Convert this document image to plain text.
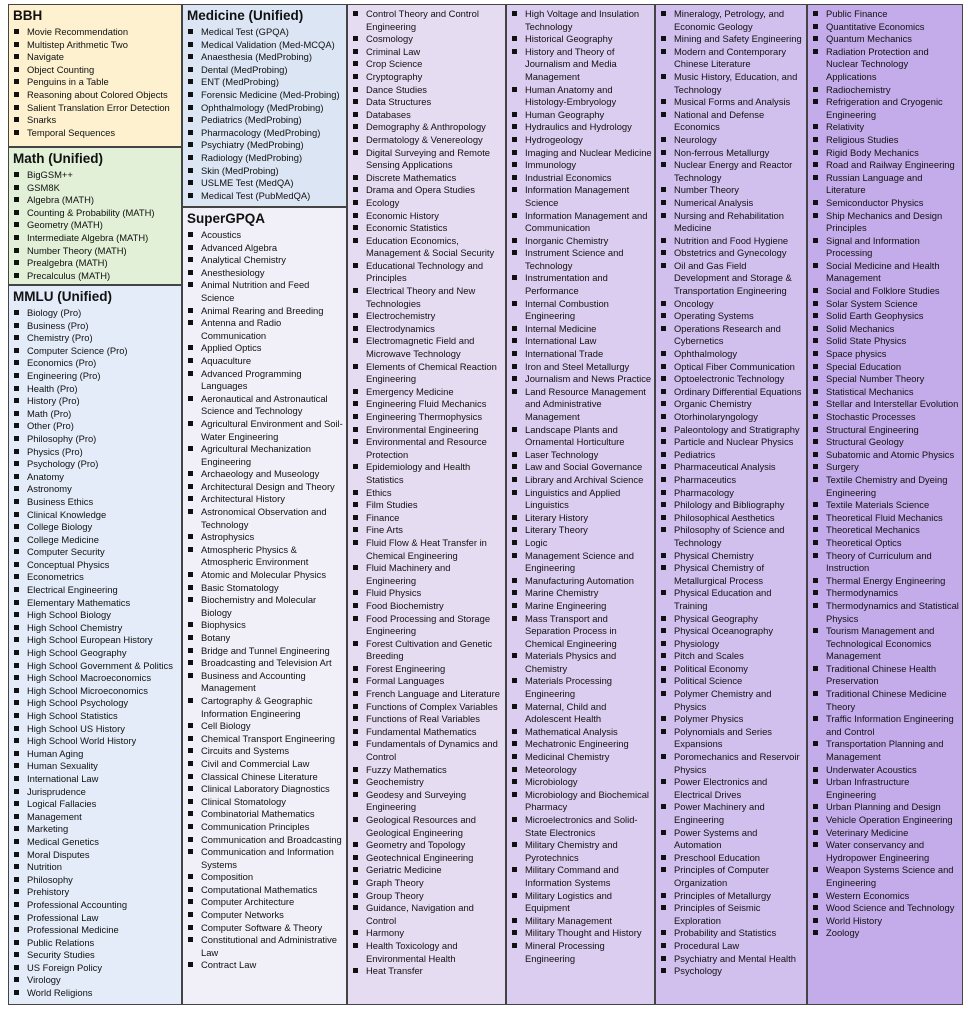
BBH
Movie Recommendation
Multistep Arithmetic Two
Navigate
Object Counting
Penguins in a Table
Reasoning about Colored Objects
Salient Translation Error Detection
Snarks
Temporal Sequences
Math (Unified)
BigGSM++
GSM8K
Algebra (MATH)
Counting & Probability (MATH)
Geometry (MATH)
Intermediate Algebra (MATH)
Number Theory (MATH)
Prealgebra (MATH)
Precalculus (MATH)
MMLU (Unified)
Biology (Pro)
Business (Pro)
Chemistry (Pro)
Computer Science (Pro)
Economics (Pro)
Engineering (Pro)
Health (Pro)
History (Pro)
Math (Pro)
Other (Pro)
Philosophy (Pro)
Physics (Pro)
Psychology (Pro)
Anatomy
Astronomy
Business Ethics
Clinical Knowledge
College Biology
College Medicine
Computer Security
Conceptual Physics
Econometrics
Electrical Engineering
Elementary Mathematics
High School Biology
High School Chemistry
High School European History
High School Geography
High School Government & Politics
High School Macroeconomics
High School Microeconomics
High School Psychology
High School Statistics
High School US History
High School World History
Human Aging
Human Sexuality
International Law
Jurisprudence
Logical Fallacies
Management
Marketing
Medical Genetics
Moral Disputes
Nutrition
Philosophy
Prehistory
Professional Accounting
Professional Law
Professional Medicine
Public Relations
Security Studies
US Foreign Policy
Virology
World Religions
Medicine (Unified)
Medical Test (GPQA)
Medical Validation (Med-MCQA)
Anaesthesia (MedProbing)
Dental (MedProbing)
ENT (MedProbing)
Forensic Medicine (Med-Probing)
Ophthalmology (MedProbing)
Pediatrics (MedProbing)
Pharmacology (MedProbing)
Psychiatry (MedProbing)
Radiology (MedProbing)
Skin (MedProbing)
USLME Test (MedQA)
Medical Test (PubMedQA)
SuperGPQA
Acoustics
Advanced Algebra
Analytical Chemistry
Anesthesiology
Animal Nutrition and Feed Science
Animal Rearing and Breeding
Antenna and Radio Communication
Applied Optics
Aquaculture
Advanced Programming Languages
Aeronautical and Astronautical Science and Technology
Agricultural Environment and Soil-Water Engineering
Agricultural Mechanization Engineering
Archaeology and Museology
Architectural Design and Theory
Architectural History
Astronomical Observation and Technology
Astrophysics
Atmospheric Physics & Atmospheric Environment
Atomic and Molecular Physics
Basic Stomatology
Biochemistry and Molecular Biology
Biophysics
Botany
Bridge and Tunnel Engineering
Broadcasting and Television Art
Business and Accounting Management
Cartography & Geographic Information Engineering
Cell Biology
Chemical Transport Engineering
Circuits and Systems
Civil and Commercial Law
Classical Chinese Literature
Clinical Laboratory Diagnostics
Clinical Stomatology
Combinatorial Mathematics
Communication Principles
Communication and Broadcasting
Communication and Information Systems
Composition
Computational Mathematics
Computer Architecture
Computer Networks
Computer Software & Theory
Constitutional and Administrative Law
Contract Law
Control Theory and Control Engineering
Cosmology
Criminal Law
Crop Science
Cryptography
Dance Studies
Data Structures
Databases
Demography & Anthropology
Dermatology & Venereology
Digital Surveying and Remote Sensing Applications
Discrete Mathematics
Drama and Opera Studies
Ecology
Economic History
Economic Statistics
Education Economics, Management & Social Security
Educational Technology and Principles
Electrical Theory and New Technologies
Electrochemistry
Electrodynamics
Electromagnetic Field and Microwave Technology
Elements of Chemical Reaction Engineering
Emergency Medicine
Engineering Fluid Mechanics
Engineering Thermophysics
Environmental Engineering
Environmental and Resource Protection
Epidemiology and Health Statistics
Ethics
Film Studies
Finance
Fine Arts
Fluid Flow & Heat Transfer in Chemical Engineering
Fluid Machinery and Engineering
Fluid Physics
Food Biochemistry
Food Processing and Storage Engineering
Forest Cultivation and Genetic Breeding
Forest Engineering
Formal Languages
French Language and Literature
Functions of Complex Variables
Functions of Real Variables
Fundamental Mathematics
Fundamentals of Dynamics and Control
Fuzzy Mathematics
Geochemistry
Geodesy and Surveying Engineering
Geological Resources and Geological Engineering
Geometry and Topology
Geotechnical Engineering
Geriatric Medicine
Graph Theory
Group Theory
Guidance, Navigation and Control
Harmony
Health Toxicology and Environmental Health
Heat Transfer
High Voltage and Insulation Technology
Historical Geography
History and Theory of Journalism and Media Management
Human Anatomy and Histology-Embryology
Human Geography
Hydraulics and Hydrology
Hydrogeology
Imaging and Nuclear Medicine
Immunology
Industrial Economics
Information Management Science
Information Management and Communication
Inorganic Chemistry
Instrument Science and Technology
Instrumentation and Performance
Internal Combustion Engineering
Internal Medicine
International Law
International Trade
Iron and Steel Metallurgy
Journalism and News Practice
Land Resource Management and Administrative Management
Landscape Plants and Ornamental Horticulture
Laser Technology
Law and Social Governance
Library and Archival Science
Linguistics and Applied Linguistics
Literary History
Literary Theory
Logic
Management Science and Engineering
Manufacturing Automation
Marine Chemistry
Marine Engineering
Mass Transport and Separation Process in Chemical Engineering
Materials Physics and Chemistry
Materials Processing Engineering
Maternal, Child and Adolescent Health
Mathematical Analysis
Mechatronic Engineering
Medicinal Chemistry
Meteorology
Microbiology
Microbiology and Biochemical Pharmacy
Microelectronics and Solid-State Electronics
Military Chemistry and Pyrotechnics
Military Command and Information Systems
Military Logistics and Equipment
Military Management
Military Thought and History
Mineral Processing Engineering
Mineralogy, Petrology, and Economic Geology
Mining and Safety Engineering
Modern and Contemporary Chinese Literature
Music History, Education, and Technology
Musical Forms and Analysis
National and Defense Economics
Neurology
Non-ferrous Metallurgy
Nuclear Energy and Reactor Technology
Number Theory
Numerical Analysis
Nursing and Rehabilitation Medicine
Nutrition and Food Hygiene
Obstetrics and Gynecology
Oil and Gas Field Development and Storage & Transportation Engineering
Oncology
Operating Systems
Operations Research and Cybernetics
Ophthalmology
Optical Fiber Communication
Optoelectronic Technology
Ordinary Differential Equations
Organic Chemistry
Otorhinolaryngology
Paleontology and Stratigraphy
Particle and Nuclear Physics
Pediatrics
Pharmaceutical Analysis
Pharmaceutics
Pharmacology
Philology and Bibliography
Philosophical Aesthetics
Philosophy of Science and Technology
Physical Chemistry
Physical Chemistry of Metallurgical Process
Physical Education and Training
Physical Geography
Physical Oceanography
Physiology
Pitch and Scales
Political Economy
Political Science
Polymer Chemistry and Physics
Polymer Physics
Polynomials and Series Expansions
Poromechanics and Reservoir Physics
Power Electronics and Electrical Drives
Power Machinery and Engineering
Power Systems and Automation
Preschool Education
Principles of Computer Organization
Principles of Metallurgy
Principles of Seismic Exploration
Probability and Statistics
Procedural Law
Psychiatry and Mental Health
Psychology
Public Finance
Quantitative Economics
Quantum Mechanics
Radiation Protection and Nuclear Technology Applications
Radiochemistry
Refrigeration and Cryogenic Engineering
Relativity
Religious Studies
Rigid Body Mechanics
Road and Railway Engineering
Russian Language and Literature
Semiconductor Physics
Ship Mechanics and Design Principles
Signal and Information Processing
Social Medicine and Health Management
Social and Folklore Studies
Solar System Science
Solid Earth Geophysics
Solid Mechanics
Solid State Physics
Space physics
Special Education
Special Number Theory
Statistical Mechanics
Stellar and Interstellar Evolution
Stochastic Processes
Structural Engineering
Structural Geology
Subatomic and Atomic Physics
Surgery
Textile Chemistry and Dyeing Engineering
Textile Materials Science
Theoretical Fluid Mechanics
Theoretical Mechanics
Theoretical Optics
Theory of Curriculum and Instruction
Thermal Energy Engineering
Thermodynamics
Thermodynamics and Statistical Physics
Tourism Management and Technological Economics Management
Traditional Chinese Health Preservation
Traditional Chinese Medicine Theory
Traffic Information Engineering and Control
Transportation Planning and Management
Underwater Acoustics
Urban Infrastructure Engineering
Urban Planning and Design
Vehicle Operation Engineering
Veterinary Medicine
Water conservancy and Hydropower Engineering
Weapon Systems Science and Engineering
Western Economics
Wood Science and Technology
World History
Zoology
